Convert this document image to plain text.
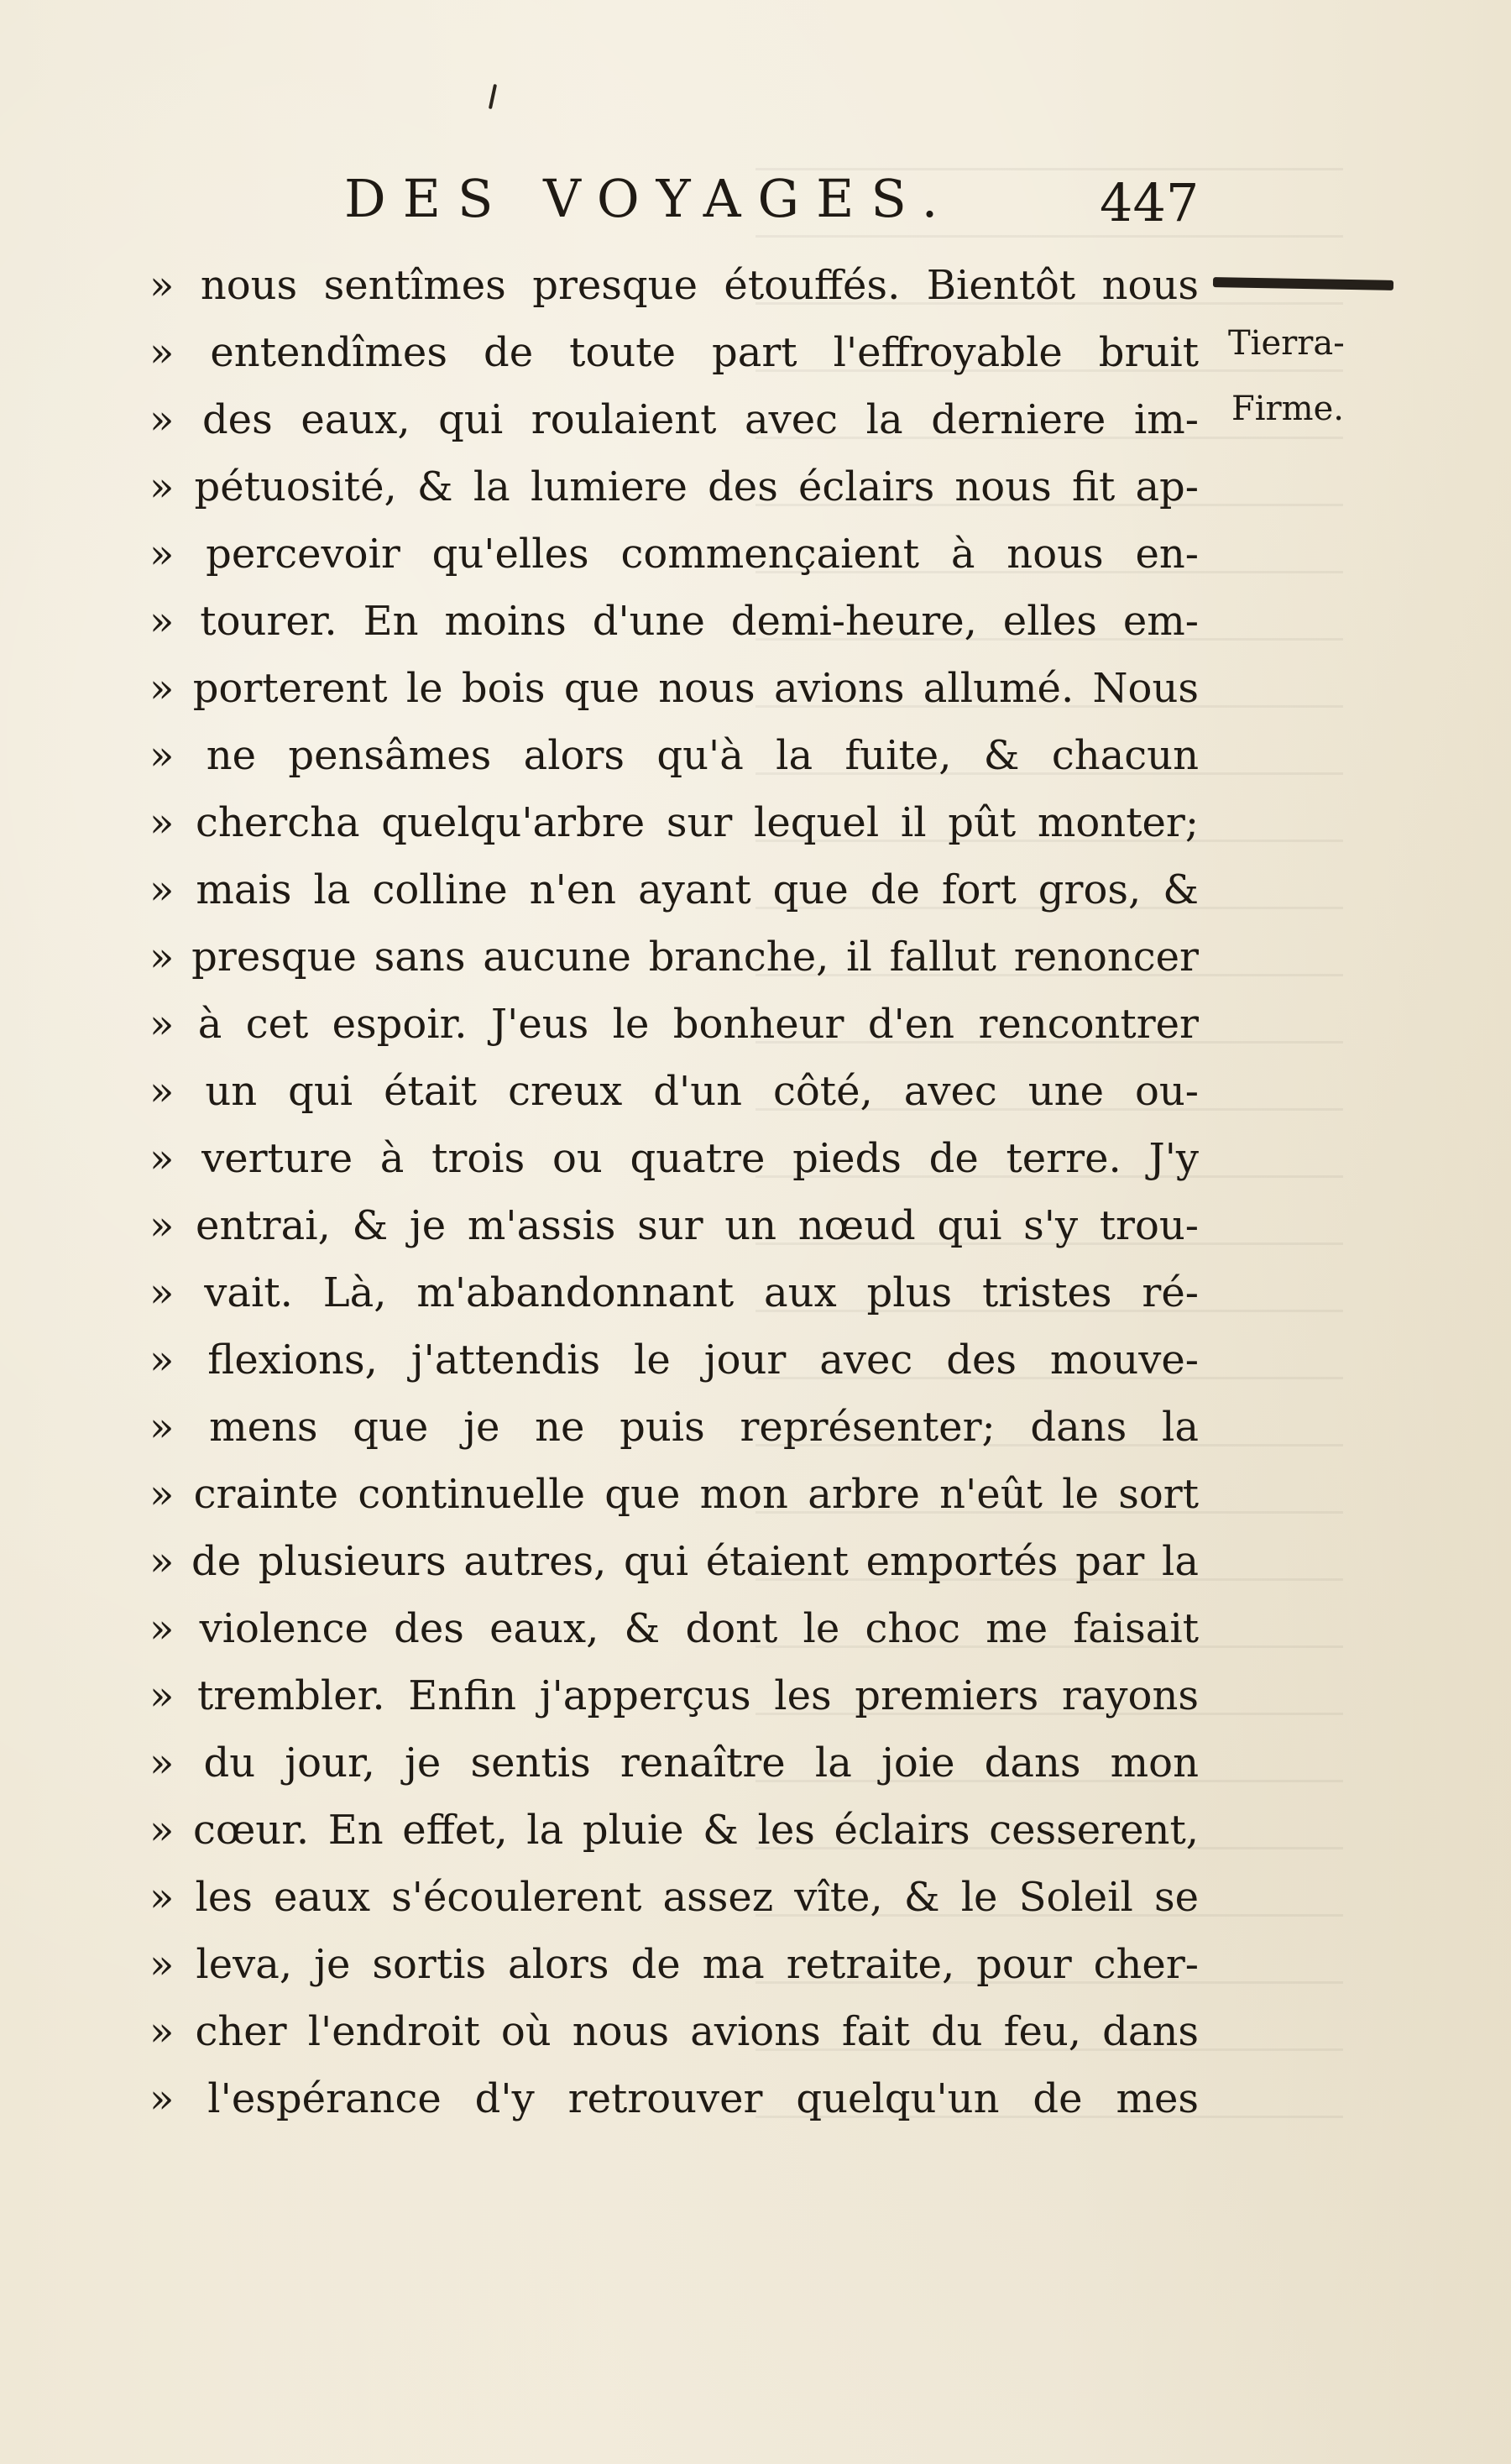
DES VOYAGES.	447
Tierra-
Firme.
» nous sentîmes presque étouffés. Bientôt nous
» entendîmes de toute part l'effroyable bruit
» des eaux, qui roulaient avec la derniere im-
» pétuosité, & la lumiere des éclairs nous fit ap-
» percevoir qu'elles commençaient à nous en-
» tourer. En moins d'une demi-heure, elles em-
» porterent le bois que nous avions allumé. Nous
» ne pensâmes alors qu'à la fuite, & chacun
» chercha quelqu'arbre sur lequel il pût monter;
» mais la colline n'en ayant que de fort gros, &
» presque sans aucune branche, il fallut renoncer
» à cet espoir. J'eus le bonheur d'en rencontrer
» un qui était creux d'un côté, avec une ou-
» verture à trois ou quatre pieds de terre. J'y
» entrai, & je m'assis sur un nœud qui s'y trou-
» vait. Là, m'abandonnant aux plus tristes ré-
» flexions, j'attendis le jour avec des mouve-
» mens que je ne puis représenter; dans la
» crainte continuelle que mon arbre n'eût le sort
» de plusieurs autres, qui étaient emportés par la
» violence des eaux, & dont le choc me faisait
» trembler. Enfin j'apperçus les premiers rayons
» du jour, je sentis renaître la joie dans mon
» cœur. En effet, la pluie & les éclairs cesserent,
» les eaux s'écoulerent assez vîte, & le Soleil se
» leva, je sortis alors de ma retraite, pour cher-
» cher l'endroit où nous avions fait du feu, dans
» l'espérance d'y retrouver quelqu'un de mes
